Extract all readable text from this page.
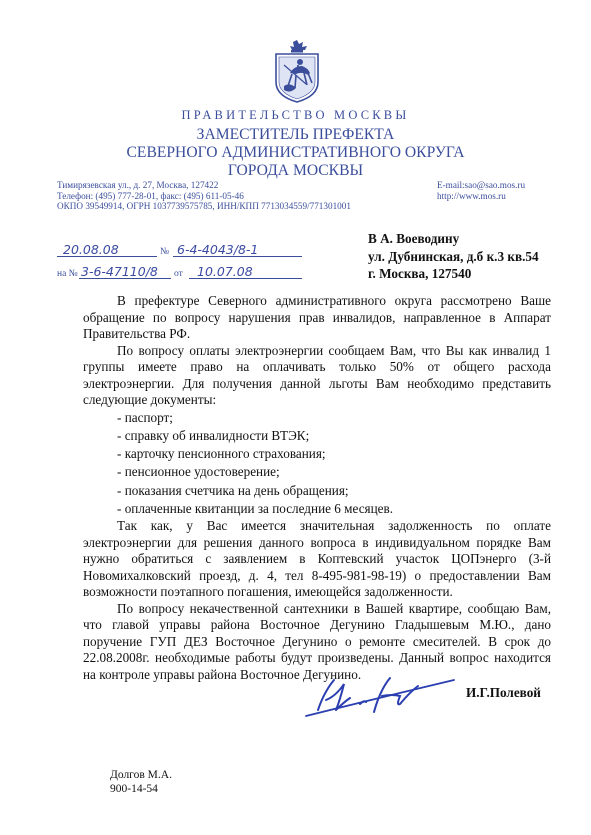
ПРАВИТЕЛЬСТВО МОСКВЫ
ЗАМЕСТИТЕЛЬ ПРЕФЕКТА
СЕВЕРНОГО АДМИНИСТРАТИВНОГО ОКРУГА
ГОРОДА МОСКВЫ
Тимирязевская ул., д. 27, Москва, 127422
Телефон: (495) 777-28-01, факс: (495) 611-05-46
ОКПО 39549914, ОГРН 1037739575785, ИНН/КПП 7713034559/771301001
E-mail:sao@sao.mos.ru
http://www.mos.ru
20.08.08	№ 6-4-4043/8-1
на № 3-6-47110/8 от 10.07.08
В А. Воеводину
ул. Дубнинская, д.б к.3 кв.54
г. Москва, 127540

В префектуре Северного административного округа рассмотрено Ваше обращение по вопросу нарушения прав инвалидов, направленное в Аппарат Правительства РФ.

По вопросу оплаты электроэнергии сообщаем Вам, что Вы как инвалид 1 группы имеете право на оплачивать только 50% от общего расхода электроэнергии. Для получения данной льготы Вам необходимо представить следующие документы:

- паспорт;
- справку об инвалидности ВТЭК;
- карточку пенсионного страхования;
- пенсионное удостоверение;
- показания счетчика на день обращения;
- оплаченные квитанции за последние 6 месяцев.

Так как, у Вас имеется значительная задолженность по оплате электроэнергии для решения данного вопроса в индивидуальном порядке Вам нужно обратиться с заявлением в Коптевский участок ЦОПэнерго (3-й Новомихалковский проезд, д. 4, тел 8-495-981-98-19) о предоставлении Вам возможности поэтапного погашения, имеющейся задолженности.

По вопросу некачественной сантехники в Вашей квартире, сообщаю Вам, что главой управы района Восточное Дегунино Гладышевым М.Ю., дано поручение ГУП ДЕЗ Восточное Дегунино о ремонте смесителей. В срок до 22.08.2008г. необходимые работы будут произведены. Данный вопрос находится на контроле управы района Восточное Дегунино.

И.Г.Полевой
Долгов М.А.
900-14-54
